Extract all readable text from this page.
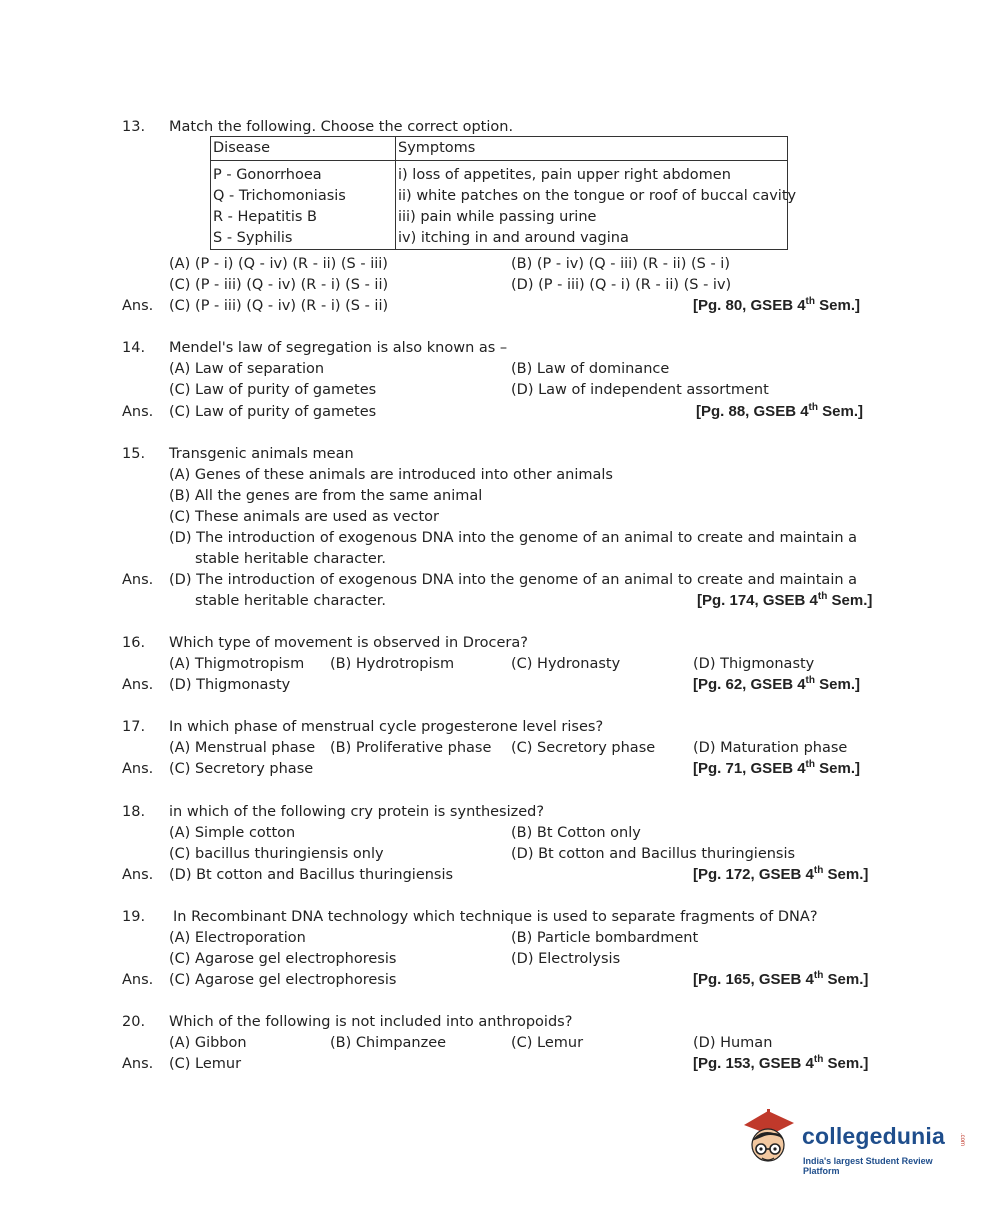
13. Match the following. Choose the correct option.
Disease	Symptoms
P - Gonorrhoea	i) loss of appetites, pain upper right abdomen
Q - Trichomoniasis	ii) white patches on the tongue or roof of buccal cavity
R - Hepatitis B	iii) pain while passing urine
S - Syphilis	iv) itching in and around vagina
(A) (P - i) (Q - iv) (R - ii) (S - iii)	(B) (P - iv) (Q - iii) (R - ii) (S - i)
(C) (P - iii) (Q - iv) (R - i) (S - ii)	(D) (P - iii) (Q - i) (R - ii) (S - iv)
Ans. (C) (P - iii) (Q - iv) (R - i) (S - ii)	[Pg. 80, GSEB 4th Sem.]
14. Mendel's law of segregation is also known as –
(A) Law of separation	(B) Law of dominance
(C) Law of purity of gametes	(D) Law of independent assortment
Ans. (C) Law of purity of gametes	[Pg. 88, GSEB 4th Sem.]
15. Transgenic animals mean
(A) Genes of these animals are introduced into other animals
(B) All the genes are from the same animal
(C) These animals are used as vector
(D) The introduction of exogenous DNA into the genome of an animal to create and maintain a
stable heritable character.
Ans. (D) The introduction of exogenous DNA into the genome of an animal to create and maintain a
stable heritable character.	[Pg. 174, GSEB 4th Sem.]
16. Which type of movement is observed in Drocera?
(A) Thigmotropism (B) Hydrotropism	(C) Hydronasty	(D) Thigmonasty
Ans. (D) Thigmonasty	[Pg. 62, GSEB 4th Sem.]
17. In which phase of menstrual cycle progesterone level rises?
(A) Menstrual phase (B) Proliferative phase (C) Secretory phase	(D) Maturation phase
Ans. (C) Secretory phase	[Pg. 71, GSEB 4th Sem.]
18. in which of the following cry protein is synthesized?
(A) Simple cotton	(B) Bt Cotton only
(C) bacillus thuringiensis only	(D) Bt cotton and Bacillus thuringiensis
Ans. (D) Bt cotton and Bacillus thuringiensis	[Pg. 172, GSEB 4th Sem.]
19. In Recombinant DNA technology which technique is used to separate fragments of DNA?
(A) Electroporation	(B) Particle bombardment
(C) Agarose gel electrophoresis	(D) Electrolysis
Ans. (C) Agarose gel electrophoresis	[Pg. 165, GSEB 4th Sem.]
20. Which of the following is not included into anthropoids?
(A) Gibbon	(B) Chimpanzee	(C) Lemur	(D) Human
Ans. (C) Lemur	[Pg. 153, GSEB 4th Sem.]
collegedunia .com
India's largest Student Review Platform
